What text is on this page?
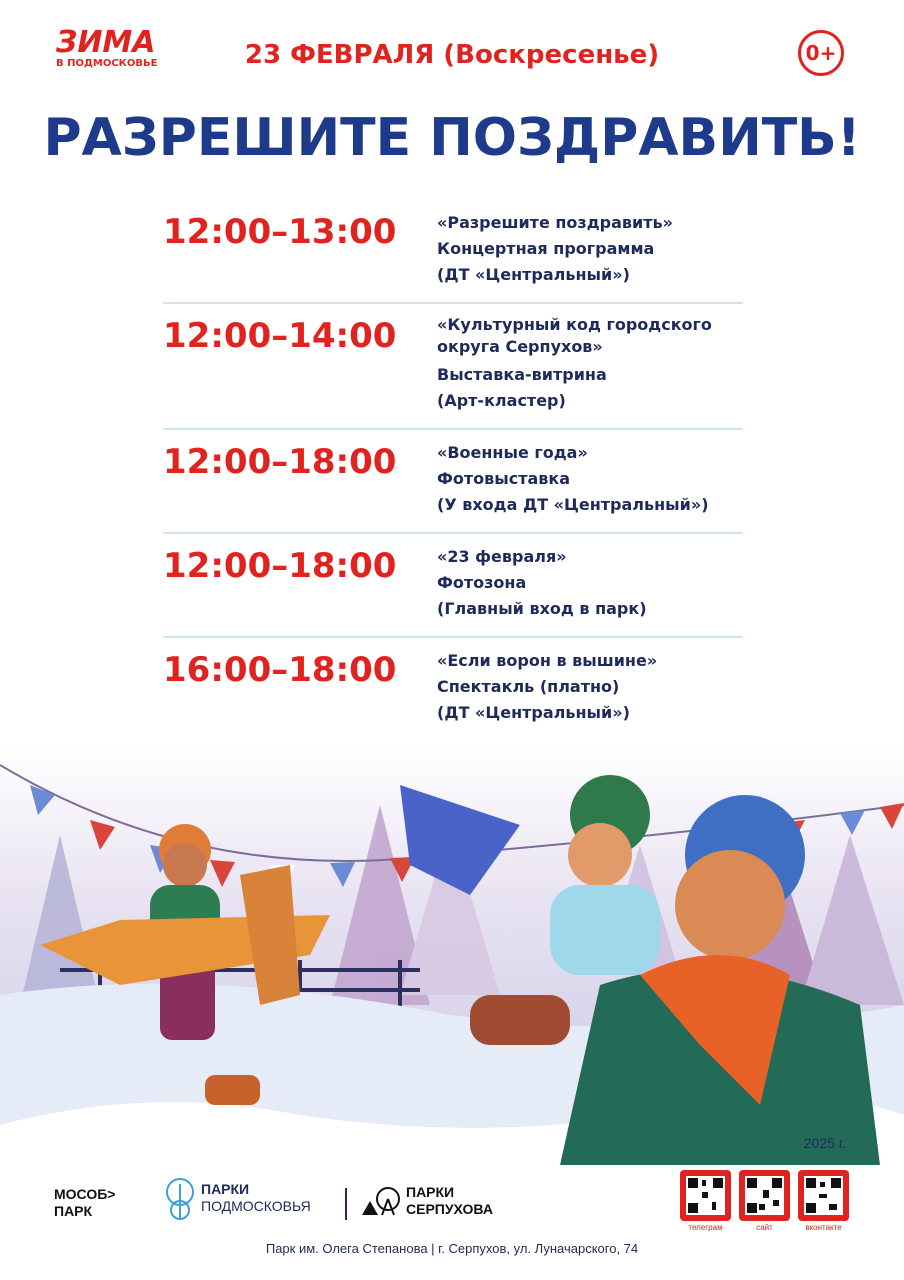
ЗИМА
В ПОДМОСКОВЬЕ	23 ФЕВРАЛЯ (Воскресенье)	0+
РАЗРЕШИТЕ ПОЗДРАВИТЬ!
12:00–13:00	«Разрешите поздравить»
Концертная программа
(ДТ «Центральный»)
12:00–14:00	«Культурный код городского
округа Серпухов»
Выставка-витрина
(Арт-кластер)
12:00–18:00	«Военные года»
Фотовыставка
(У входа ДТ «Центральный»)
12:00–18:00	«23 февраля»
Фотозона
(Главный вход в парк)
16:00–18:00	«Если ворон в вышине»
Спектакль (платно)
(ДТ «Центральный»)
2025 г.
МОСОБ>
ПАРК
ПАРКИ
ПОДМОСКОВЬЯ
ПАРКИ
СЕРПУХОВА
телеграм	сайт	вконтакте
Парк им. Олега Степанова | г. Серпухов, ул. Луначарского, 74
